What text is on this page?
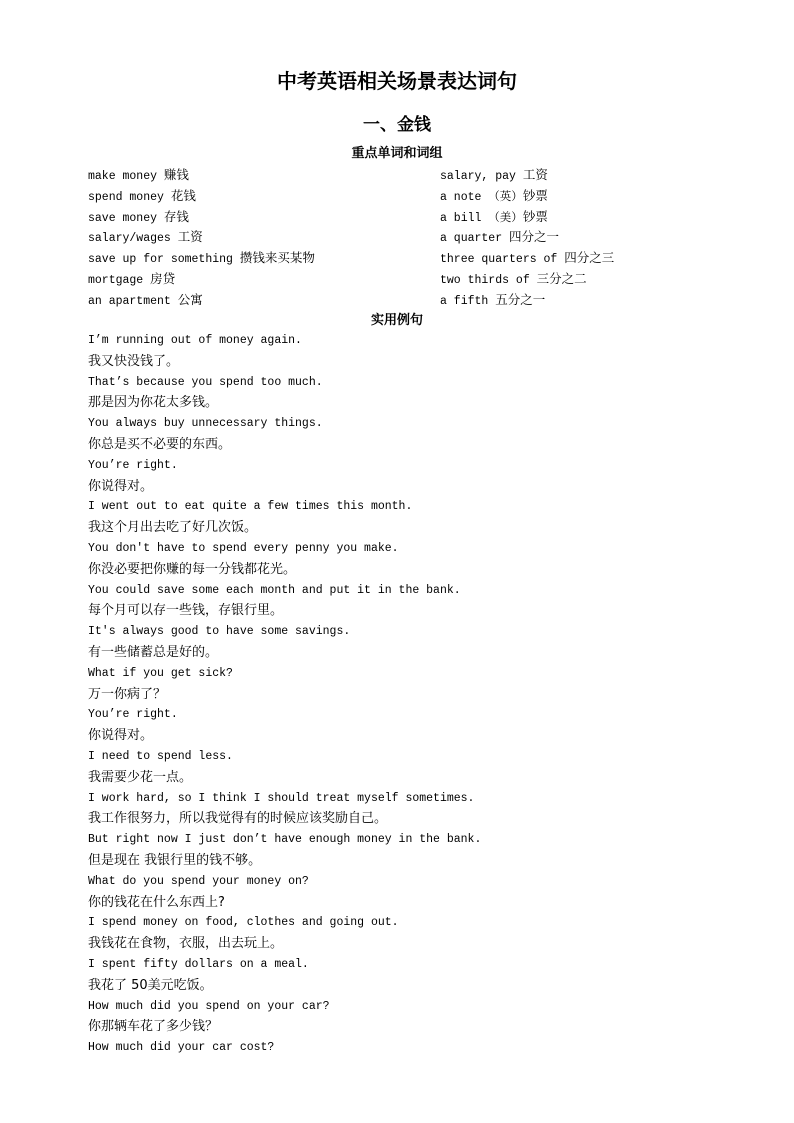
中考英语相关场景表达词句
一、金钱
重点单词和词组
make money 赚钱
spend money 花钱
save money 存钱
salary/wages 工资
save up for something 攒钱来买某物
mortgage 房贷
an apartment 公寓
salary, pay 工资
a note （英）钞票
a bill （美）钞票
a quarter 四分之一
three quarters of 四分之三
two thirds of 三分之二
a fifth 五分之一
实用例句
I’m running out of money again.
我又快没钱了。
That’s because you spend too much.
那是因为你花太多钱。
You always buy unnecessary things.
你总是买不必要的东西。
You’re right.
你说得对。
I went out to eat quite a few times this month.
我这个月出去吃了好几次饭。
You don't have to spend every penny you make.
你没必要把你赚的每一分钱都花光。
You could save some each month and put it in the bank.
每个月可以存一些钱，存银行里。
It's always good to have some savings.
有一些储蓄总是好的。
What if you get sick?
万一你病了？
You’re right.
你说得对。
I need to spend less.
我需要少花一点。
I work hard, so I think I should treat myself sometimes.
我工作很努力，所以我觉得有的时候应该奖励自己。
But right now I just don’t have enough money in the bank.
但是现在 我银行里的钱不够。
What do you spend your money on?
你的钱花在什么东西上?
I spend money on food, clothes and going out.
我钱花在食物，衣服，出去玩上。
I spent fifty dollars on a meal.
我花了 50美元吃饭。
How much did you spend on your car?
你那辆车花了多少钱？
How much did your car cost?
